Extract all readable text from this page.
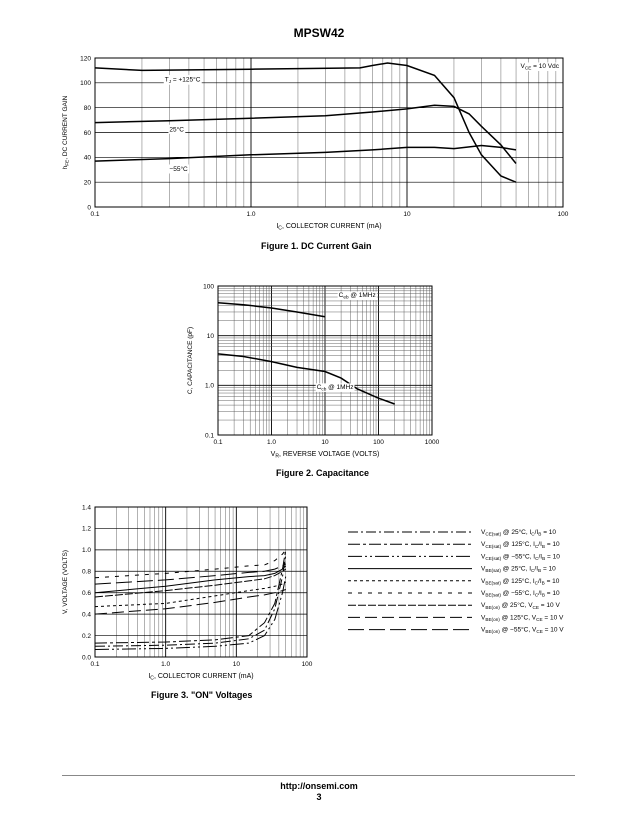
MPSW42
0.1	1.0	10	100
0
20
40
60
80
100
120
$I_C$, COLLECTOR CURRENT (mA)
$h_{FE}$, DC CURRENT GAIN
$V_{CE} = 10$ Vdc
$T_J = +125^\circ C$
25°C
−55°C
Figure 1. DC Current Gain
0.1	1.0	10	100	1000
0.1
1.0
10
100
$V_R$, REVERSE VOLTAGE (VOLTS)
C, CAPACITANCE (pF)
$C_{eb}$ @ 1MHz
$C_{cb}$ @ 1MHz
Figure 2. Capacitance
0.1	1.0	10	100
0.0
0.2
0.4
0.6
0.8
1.0
1.2
1.4
$I_C$, COLLECTOR CURRENT (mA)
V, VOLTAGE (VOLTS)
$V_{CE(sat)}$ @ 25°C, $I_C/I_B = 10$
$V_{CE(sat)}$ @ 125°C, $I_C/I_B = 10$
$V_{CE(sat)}$ @ −55°C, $I_C/I_B = 10$
$V_{BE(sat)}$ @ 25°C, $I_C/I_B = 10$
$V_{BE(sat)}$ @ 125°C, $I_C/I_B = 10$
$V_{BE(sat)}$ @ −55°C, $I_C/I_B = 10$
$V_{BE(on)}$ @ 25°C, $V_{CE} = 10$ V
$V_{BE(on)}$ @ 125°C, $V_{CE} = 10$ V
$V_{BE(on)}$ @ −55°C, $V_{CE} = 10$ V
Figure 3. "ON" Voltages
http://onsemi.com
3
